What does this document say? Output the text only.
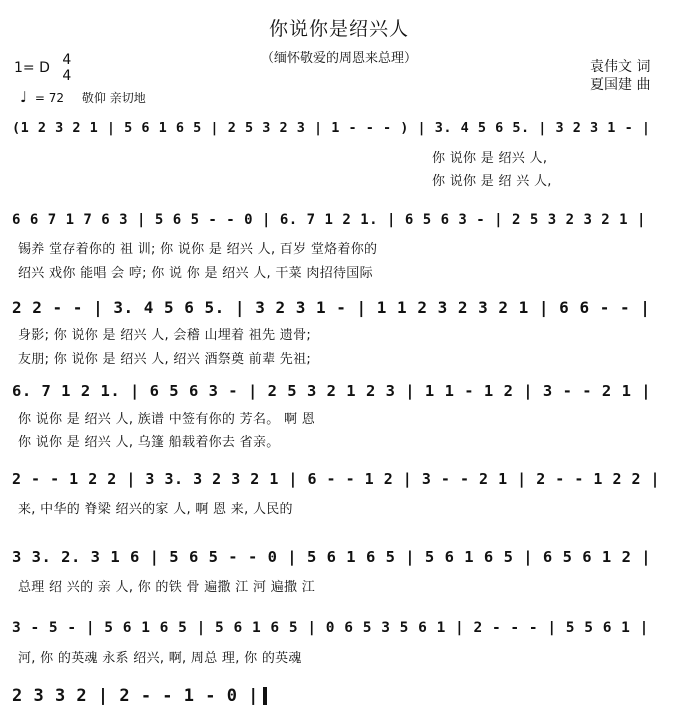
你说你是绍兴人
（缅怀敬爱的周恩来总理）
1= D 4
4
♩ = 72 敬仰 亲切地
袁伟文 词
夏国建 曲
(1 2 3 2 1 | 5 6 1 6 5 | 2 5 3 2 3 | 1 - - - ) | 3. 4 5 6 5. | 3 2 3 1 - |
你 说你 是 绍兴 人,
你 说你 是 绍 兴 人,
6 6 7 1 7 6 3 | 5 6 5 - - 0 | 6. 7 1 2 1. | 6 5 6 3 - | 2 5 3 2 3 2 1 |
锡养 堂存着你的 祖 训; 你 说你 是 绍兴 人, 百岁 堂烙着你的
绍兴 戏你 能唱 会 哼; 你 说 你 是 绍兴 人, 干菜 肉招待国际
2 2 - - | 3. 4 5 6 5. | 3 2 3 1 - | 1 1 2 3 2 3 2 1 | 6 6 - - |
身影; 你 说你 是 绍兴 人, 会稽 山埋着 祖先 遗骨;
友朋; 你 说你 是 绍兴 人, 绍兴 酒祭奠 前辈 先祖;
6. 7 1 2 1. | 6 5 6 3 - | 2 5 3 2 1 2 3 | 1 1 - 1 2 | 3 - - 2 1 |
你 说你 是 绍兴 人, 族谱 中签有你的 芳名。 啊 恩
你 说你 是 绍兴 人, 乌篷 船载着你去 省亲。
2 - - 1 2 2 | 3 3. 3 2 3 2 1 | 6 - - 1 2 | 3 - - 2 1 | 2 - - 1 2 2 |
来, 中华的 脊梁 绍兴的家 人, 啊 恩 来, 人民的
3 3. 2. 3 1 6 | 5 6 5 - - 0 | 5 6 1 6 5 | 5 6 1 6 5 | 6 5 6 1 2 |
总理 绍 兴的 亲 人, 你 的铁 骨 遍撒 江 河 遍撒 江
3 - 5 - | 5 6 1 6 5 | 5 6 1 6 5 | 0 6 5 3 5 6 1 | 2 - - - | 5 5 6 1 |
河, 你 的英魂 永系 绍兴, 啊, 周总 理, 你 的英魂
2 3 3 2 | 2 - - 1 - 0 |
